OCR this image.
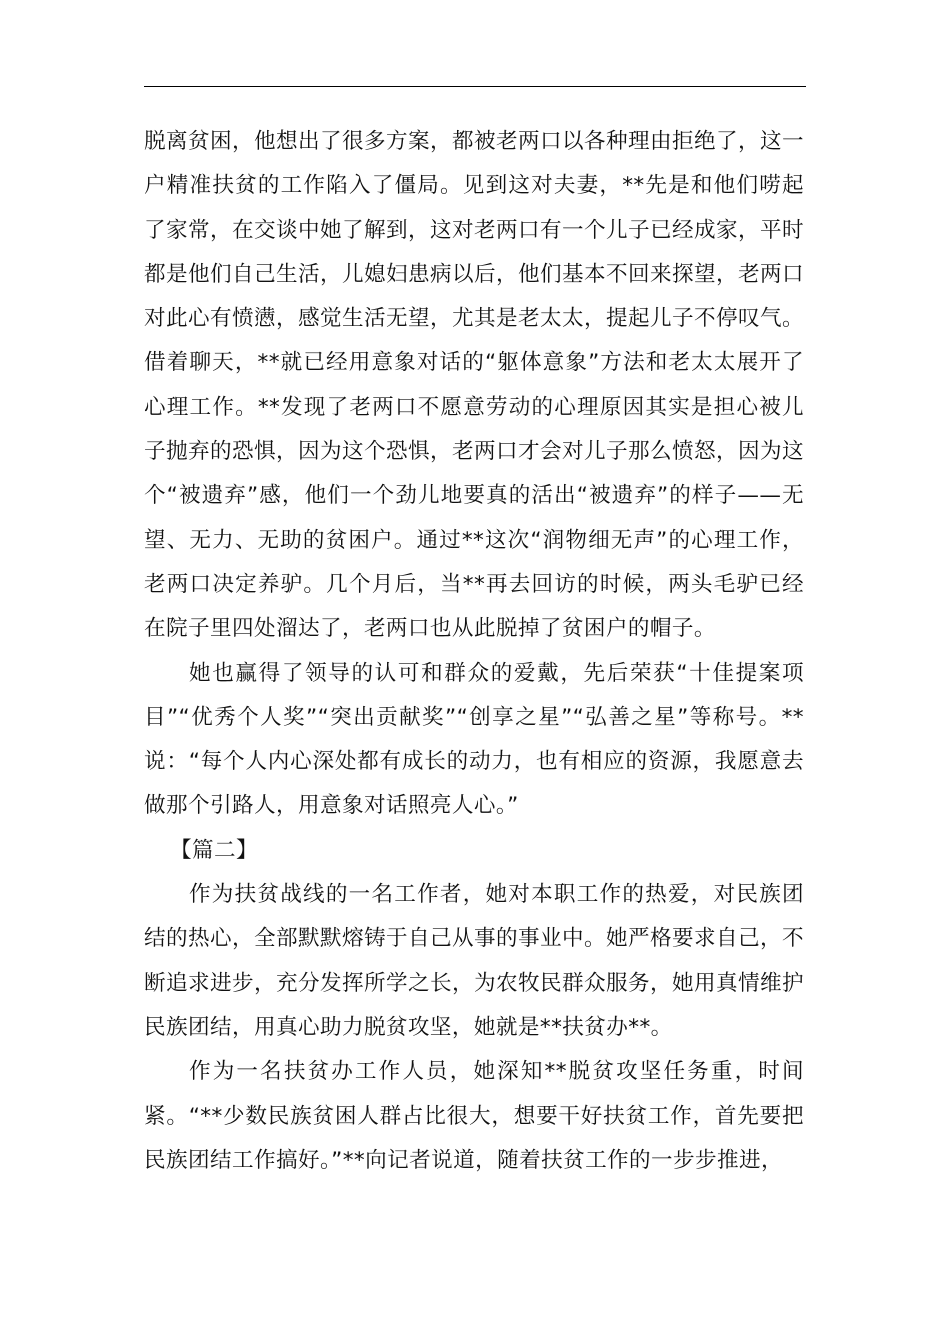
脱离贫困，他想出了很多方案，都被老两口以各种理由拒绝了，这一户精准扶贫的工作陷入了僵局。见到这对夫妻，**先是和他们唠起了家常，在交谈中她了解到，这对老两口有一个儿子已经成家，平时都是他们自己生活，儿媳妇患病以后，他们基本不回来探望，老两口对此心有愤懑，感觉生活无望，尤其是老太太，提起儿子不停叹气。借着聊天，**就已经用意象对话的“躯体意象”方法和老太太展开了心理工作。**发现了老两口不愿意劳动的心理原因其实是担心被儿子抛弃的恐惧，因为这个恐惧，老两口才会对儿子那么愤怒，因为这个“被遗弃”感，他们一个劲儿地要真的活出“被遗弃”的样子——无望、无力、无助的贫困户。通过**这次“润物细无声”的心理工作，老两口决定养驴。几个月后，当**再去回访的时候，两头毛驴已经在院子里四处溜达了，老两口也从此脱掉了贫困户的帽子。

她也赢得了领导的认可和群众的爱戴，先后荣获“十佳提案项目”“优秀个人奖”“突出贡献奖”“创享之星”“弘善之星”等称号。**说：“每个人内心深处都有成长的动力，也有相应的资源，我愿意去做那个引路人，用意象对话照亮人心。”

【篇二】

作为扶贫战线的一名工作者，她对本职工作的热爱，对民族团结的热心，全部默默熔铸于自己从事的事业中。她严格要求自己，不断追求进步，充分发挥所学之长，为农牧民群众服务，她用真情维护民族团结，用真心助力脱贫攻坚，她就是**扶贫办**。

作为一名扶贫办工作人员，她深知**脱贫攻坚任务重，时间紧。“**少数民族贫困人群占比很大，想要干好扶贫工作，首先要把民族团结工作搞好。”**向记者说道，随着扶贫工作的一步步推进，
